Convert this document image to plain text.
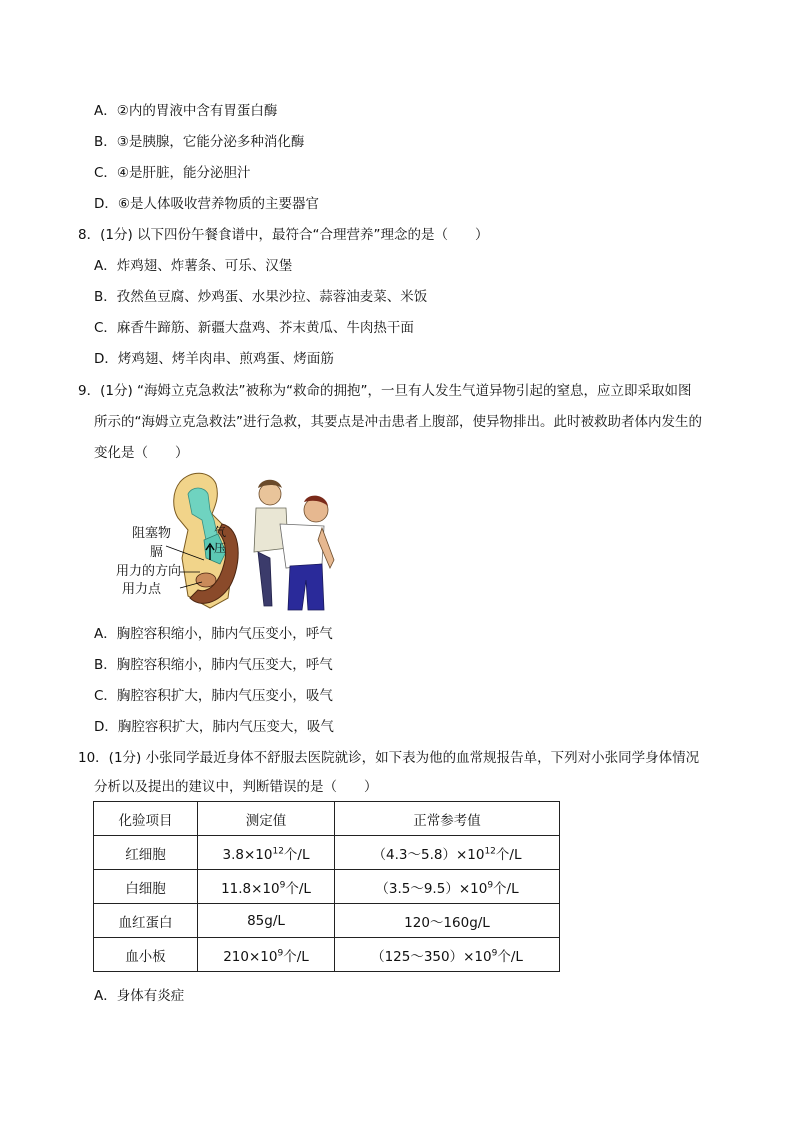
A．②内的胃液中含有胃蛋白酶
B．③是胰腺，它能分泌多种消化酶
C．④是肝脏，能分泌胆汁
D．⑥是人体吸收营养物质的主要器官
8．(1分) 以下四份午餐食谱中，最符合“合理营养”理念的是（　　）
A．炸鸡翅、炸薯条、可乐、汉堡
B．孜然鱼豆腐、炒鸡蛋、水果沙拉、蒜蓉油麦菜、米饭
C．麻香牛蹄筋、新疆大盘鸡、芥末黄瓜、牛肉热干面
D．烤鸡翅、烤羊肉串、煎鸡蛋、烤面筋
9．(1分) “海姆立克急救法”被称为“救命的拥抱”，一旦有人发生气道异物引起的窒息，应立即采取如图
所示的“海姆立克急救法”进行急救，其要点是冲击患者上腹部，使异物排出。此时被救助者体内发生的
变化是（　　）
阻塞物
膈
用力的方向
用力点
气
压
A．胸腔容积缩小，肺内气压变小，呼气
B．胸腔容积缩小，肺内气压变大，呼气
C．胸腔容积扩大，肺内气压变小，吸气
D．胸腔容积扩大，肺内气压变大，吸气
10．(1分) 小张同学最近身体不舒服去医院就诊，如下表为他的血常规报告单，下列对小张同学身体情况
分析以及提出的建议中，判断错误的是（　　）
化验项目	测定值	正常参考值
红细胞	$3.8\times 10^{12}$个/L	$(4.3\sim 5.8)\times 10^{12}$个/L
白细胞	$11.8\times 10^9$个/L	$(3.5\sim 9.5)\times 10^9$个/L
血红蛋白	85g/L	120～160g/L
血小板	$210\times 10^9$个/L	$(125\sim 350)\times 10^9$个/L
A．身体有炎症
